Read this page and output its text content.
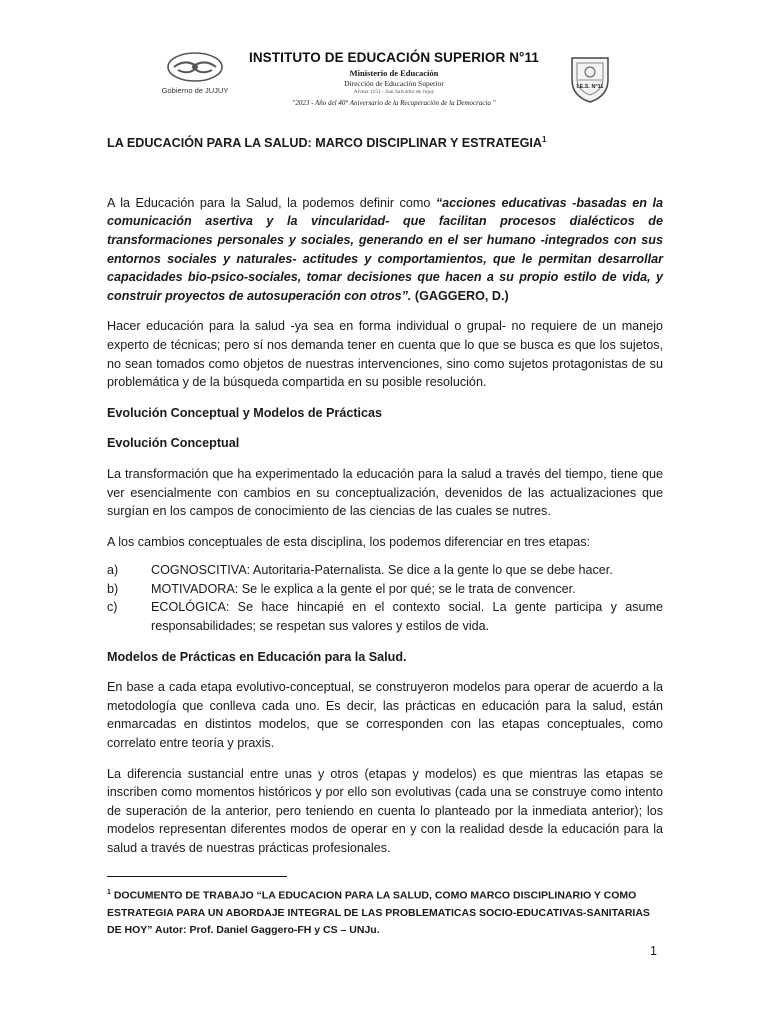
Gobierno de JUJUY
INSTITUTO DE EDUCACIÓN SUPERIOR N°11
Ministerio de Educación
Dirección de Educación Superior
Alvear 1151 - San Salvador de Jujuy
"2023 - Año del 40° Aniversario de la Recuperación de la Democracia "
I.E.S. N°11
LA EDUCACIÓN PARA LA SALUD: MARCO DISCIPLINAR Y ESTRATEGIA$^1$

A la Educación para la Salud, la podemos definir como “acciones educativas -basadas en la comunicación asertiva y la vincularidad- que facilitan procesos dialécticos de transformaciones personales y sociales, generando en el ser humano -integrados con sus entornos sociales y naturales- actitudes y comportamientos, que le permitan desarrollar capacidades bio-psico-sociales, tomar decisiones que hacen a su propio estilo de vida, y construir proyectos de autosuperación con otros”. (GAGGERO, D.)

Hacer educación para la salud -ya sea en forma individual o grupal- no requiere de un manejo experto de técnicas; pero sí nos demanda tener en cuenta que lo que se busca es que los sujetos, no sean tomados como objetos de nuestras intervenciones, sino como sujetos protagonistas de su problemática y de la búsqueda compartida en su posible resolución.

Evolución Conceptual y Modelos de Prácticas
Evolución Conceptual

La transformación que ha experimentado la educación para la salud a través del tiempo, tiene que ver esencialmente con cambios en su conceptualización, devenidos de las actualizaciones que surgían en los campos de conocimiento de las ciencias de las cuales se nutres.

A los cambios conceptuales de esta disciplina, los podemos diferenciar en tres etapas:

a)	COGNOSCITIVA: Autoritaria-Paternalista. Se dice a la gente lo que se debe hacer.
b)	MOTIVADORA: Se le explica a la gente el por qué; se le trata de convencer.
c)	ECOLÓGICA: Se hace hincapié en el contexto social. La gente participa y asume responsabilidades; se respetan sus valores y estilos de vida.
Modelos de Prácticas en Educación para la Salud.

En base a cada etapa evolutivo-conceptual, se construyeron modelos para operar de acuerdo a la metodología que conlleva cada uno. Es decir, las prácticas en educación para la salud, están enmarcadas en distintos modelos, que se corresponden con las etapas conceptuales, como correlato entre teoría y praxis.

La diferencia sustancial entre unas y otros (etapas y modelos) es que mientras las etapas se inscriben como momentos históricos y por ello son evolutivas (cada una se construye como intento de superación de la anterior, pero teniendo en cuenta lo planteado por la inmediata anterior); los modelos representan diferentes modos de operar en y con la realidad desde la educación para la salud a través de nuestras prácticas profesionales.

$^1$ DOCUMENTO DE TRABAJO “LA EDUCACION PARA LA SALUD, COMO MARCO DISCIPLINARIO Y COMO ESTRATEGIA PARA UN ABORDAJE INTEGRAL DE LAS PROBLEMATICAS SOCIO-EDUCATIVAS-SANITARIAS DE HOY” Autor: Prof. Daniel Gaggero-FH y CS – UNJu.
1
